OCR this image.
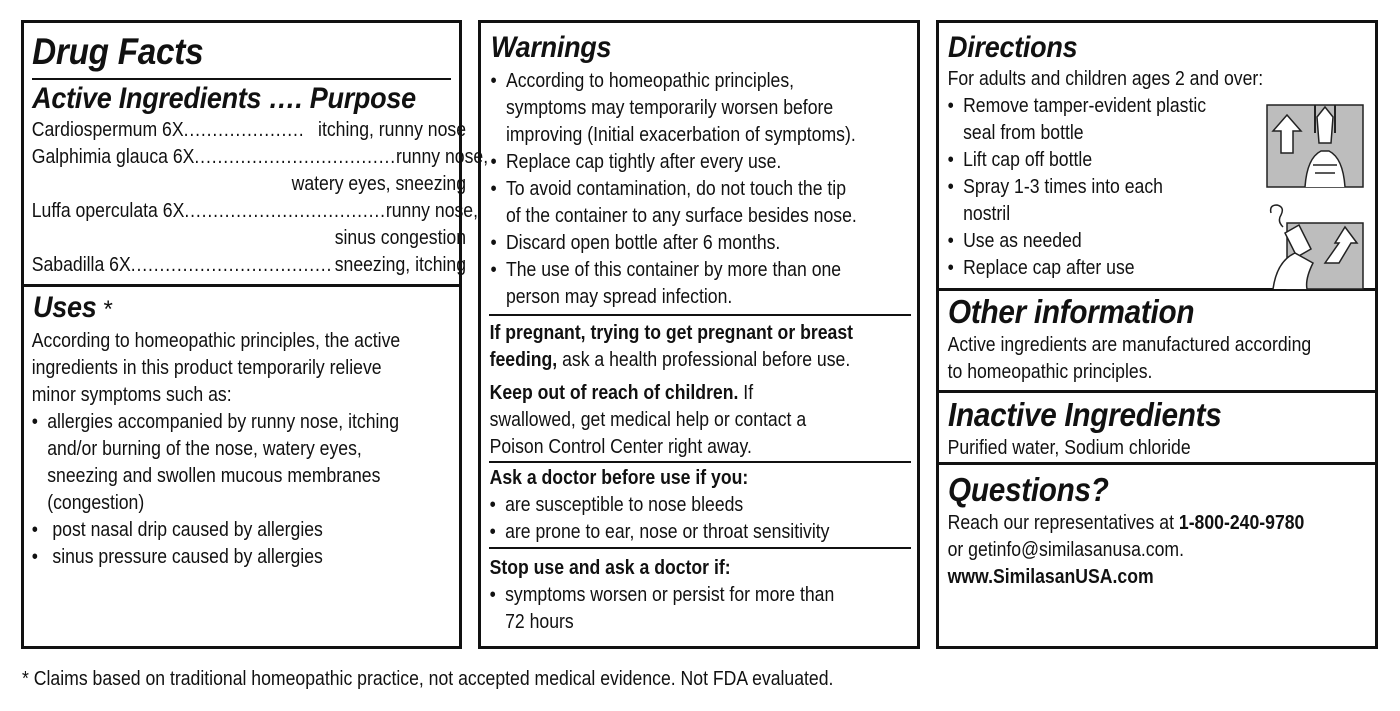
Drug Facts
Active Ingredients …. Purpose
Cardiospermum 6X ..................... itching, runny nose
Galphimia glauca 6X ................................... runny nose,
watery eyes, sneezing
Luffa operculata 6X ................................... runny nose,
sinus congestion
Sabadilla 6X ................................... sneezing, itching
Uses *
According to homeopathic principles, the active
ingredients in this product temporarily relieve
minor symptoms such as:
• allergies accompanied by runny nose, itching
and/or burning of the nose, watery eyes,
sneezing and swollen mucous membranes
(congestion)
• post nasal drip caused by allergies
• sinus pressure caused by allergies
Warnings
• According to homeopathic principles,
symptoms may temporarily worsen before
improving (Initial exacerbation of symptoms).
• Replace cap tightly after every use.
• To avoid contamination, do not touch the tip
of the container to any surface besides nose.
• Discard open bottle after 6 months.
• The use of this container by more than one
person may spread infection.
If pregnant, trying to get pregnant or breast
feeding, ask a health professional before use.
Keep out of reach of children. If
swallowed, get medical help or contact a
Poison Control Center right away.
Ask a doctor before use if you:
• are susceptible to nose bleeds
• are prone to ear, nose or throat sensitivity
Stop use and ask a doctor if:
• symptoms worsen or persist for more than
72 hours
Directions
For adults and children ages 2 and over:
• Remove tamper-evident plastic
seal from bottle
• Lift cap off bottle
• Spray 1-3 times into each
nostril
• Use as needed
• Replace cap after use
Other information
Active ingredients are manufactured according
to homeopathic principles.
Inactive Ingredients
Purified water, Sodium chloride
Questions?
Reach our representatives at 1-800-240-9780
or getinfo@similasanusa.com.
www.SimilasanUSA.com
* Claims based on traditional homeopathic practice, not accepted medical evidence. Not FDA evaluated.
